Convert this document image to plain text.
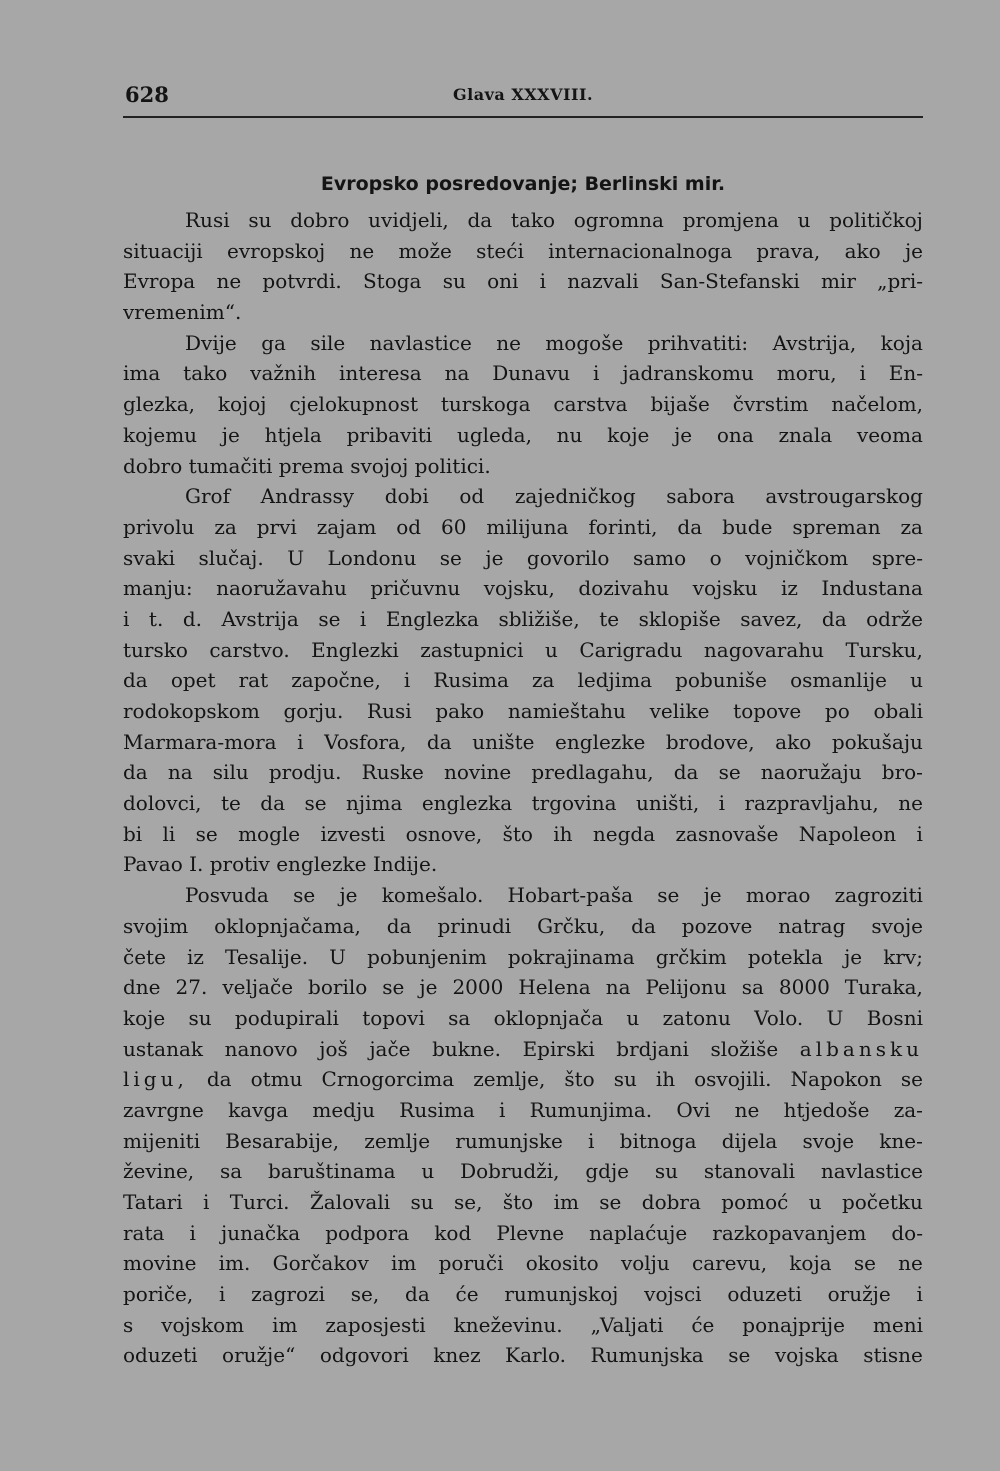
628	Glava XXXVIII.
Evropsko posredovanje; Berlinski mir.
Rusi su dobro uvidjeli, da tako ogromna promjena u političkoj
situaciji evropskoj ne može steći internacionalnoga prava, ako je
Evropa ne potvrdi. Stoga su oni i nazvali San-Stefanski mir „pri-
vremenim“.
Dvije ga sile navlastice ne mogoše prihvatiti: Avstrija, koja
ima tako važnih interesa na Dunavu i jadranskomu moru, i En-
glezka, kojoj cjelokupnost turskoga carstva bijaše čvrstim načelom,
kojemu je htjela pribaviti ugleda, nu koje je ona znala veoma
dobro tumačiti prema svojoj politici.
Grof Andrassy dobi od zajedničkog sabora avstrougarskog
privolu za prvi zajam od 60 milijuna forinti, da bude spreman za
svaki slučaj. U Londonu se je govorilo samo o vojničkom spre-
manju: naoružavahu pričuvnu vojsku, dozivahu vojsku iz Industana
i t. d. Avstrija se i Englezka sbližiše, te sklopiše savez, da održe
tursko carstvo. Englezki zastupnici u Carigradu nagovarahu Tursku,
da opet rat započne, i Rusima za ledjima pobuniše osmanlije u
rodokopskom gorju. Rusi pako namieštahu velike topove po obali
Marmara-mora i Vosfora, da unište englezke brodove, ako pokušaju
da na silu prodju. Ruske novine predlagahu, da se naoružaju bro-
dolovci, te da se njima englezka trgovina uništi, i razpravljahu, ne
bi li se mogle izvesti osnove, što ih negda zasnovaše Napoleon i
Pavao I. protiv englezke Indije.
Posvuda se je komešalo. Hobart-paša se je morao zagroziti
svojim oklopnjačama, da prinudi Grčku, da pozove natrag svoje
čete iz Tesalije. U pobunjenim pokrajinama grčkim potekla je krv;
dne 27. veljače borilo se je 2000 Helena na Pelijonu sa 8000 Turaka,
koje su podupirali topovi sa oklopnjača u zatonu Volo. U Bosni
ustanak nanovo još jače bukne. Epirski brdjani složiše albansku
ligu, da otmu Crnogorcima zemlje, što su ih osvojili. Napokon se
zavrgne kavga medju Rusima i Rumunjima. Ovi ne htjedoše za-
mijeniti Besarabije, zemlje rumunjske i bitnoga dijela svoje kne-
ževine, sa baruštinama u Dobrudži, gdje su stanovali navlastice
Tatari i Turci. Žalovali su se, što im se dobra pomoć u početku
rata i junačka podpora kod Plevne naplaćuje razkopavanjem do-
movine im. Gorčakov im poruči okosito volju carevu, koja se ne
poriče, i zagrozi se, da će rumunjskoj vojsci oduzeti oružje i
s vojskom im zaposjesti kneževinu. „Valjati će ponajprije meni
oduzeti oružje“ odgovori knez Karlo. Rumunjska se vojska stisne
